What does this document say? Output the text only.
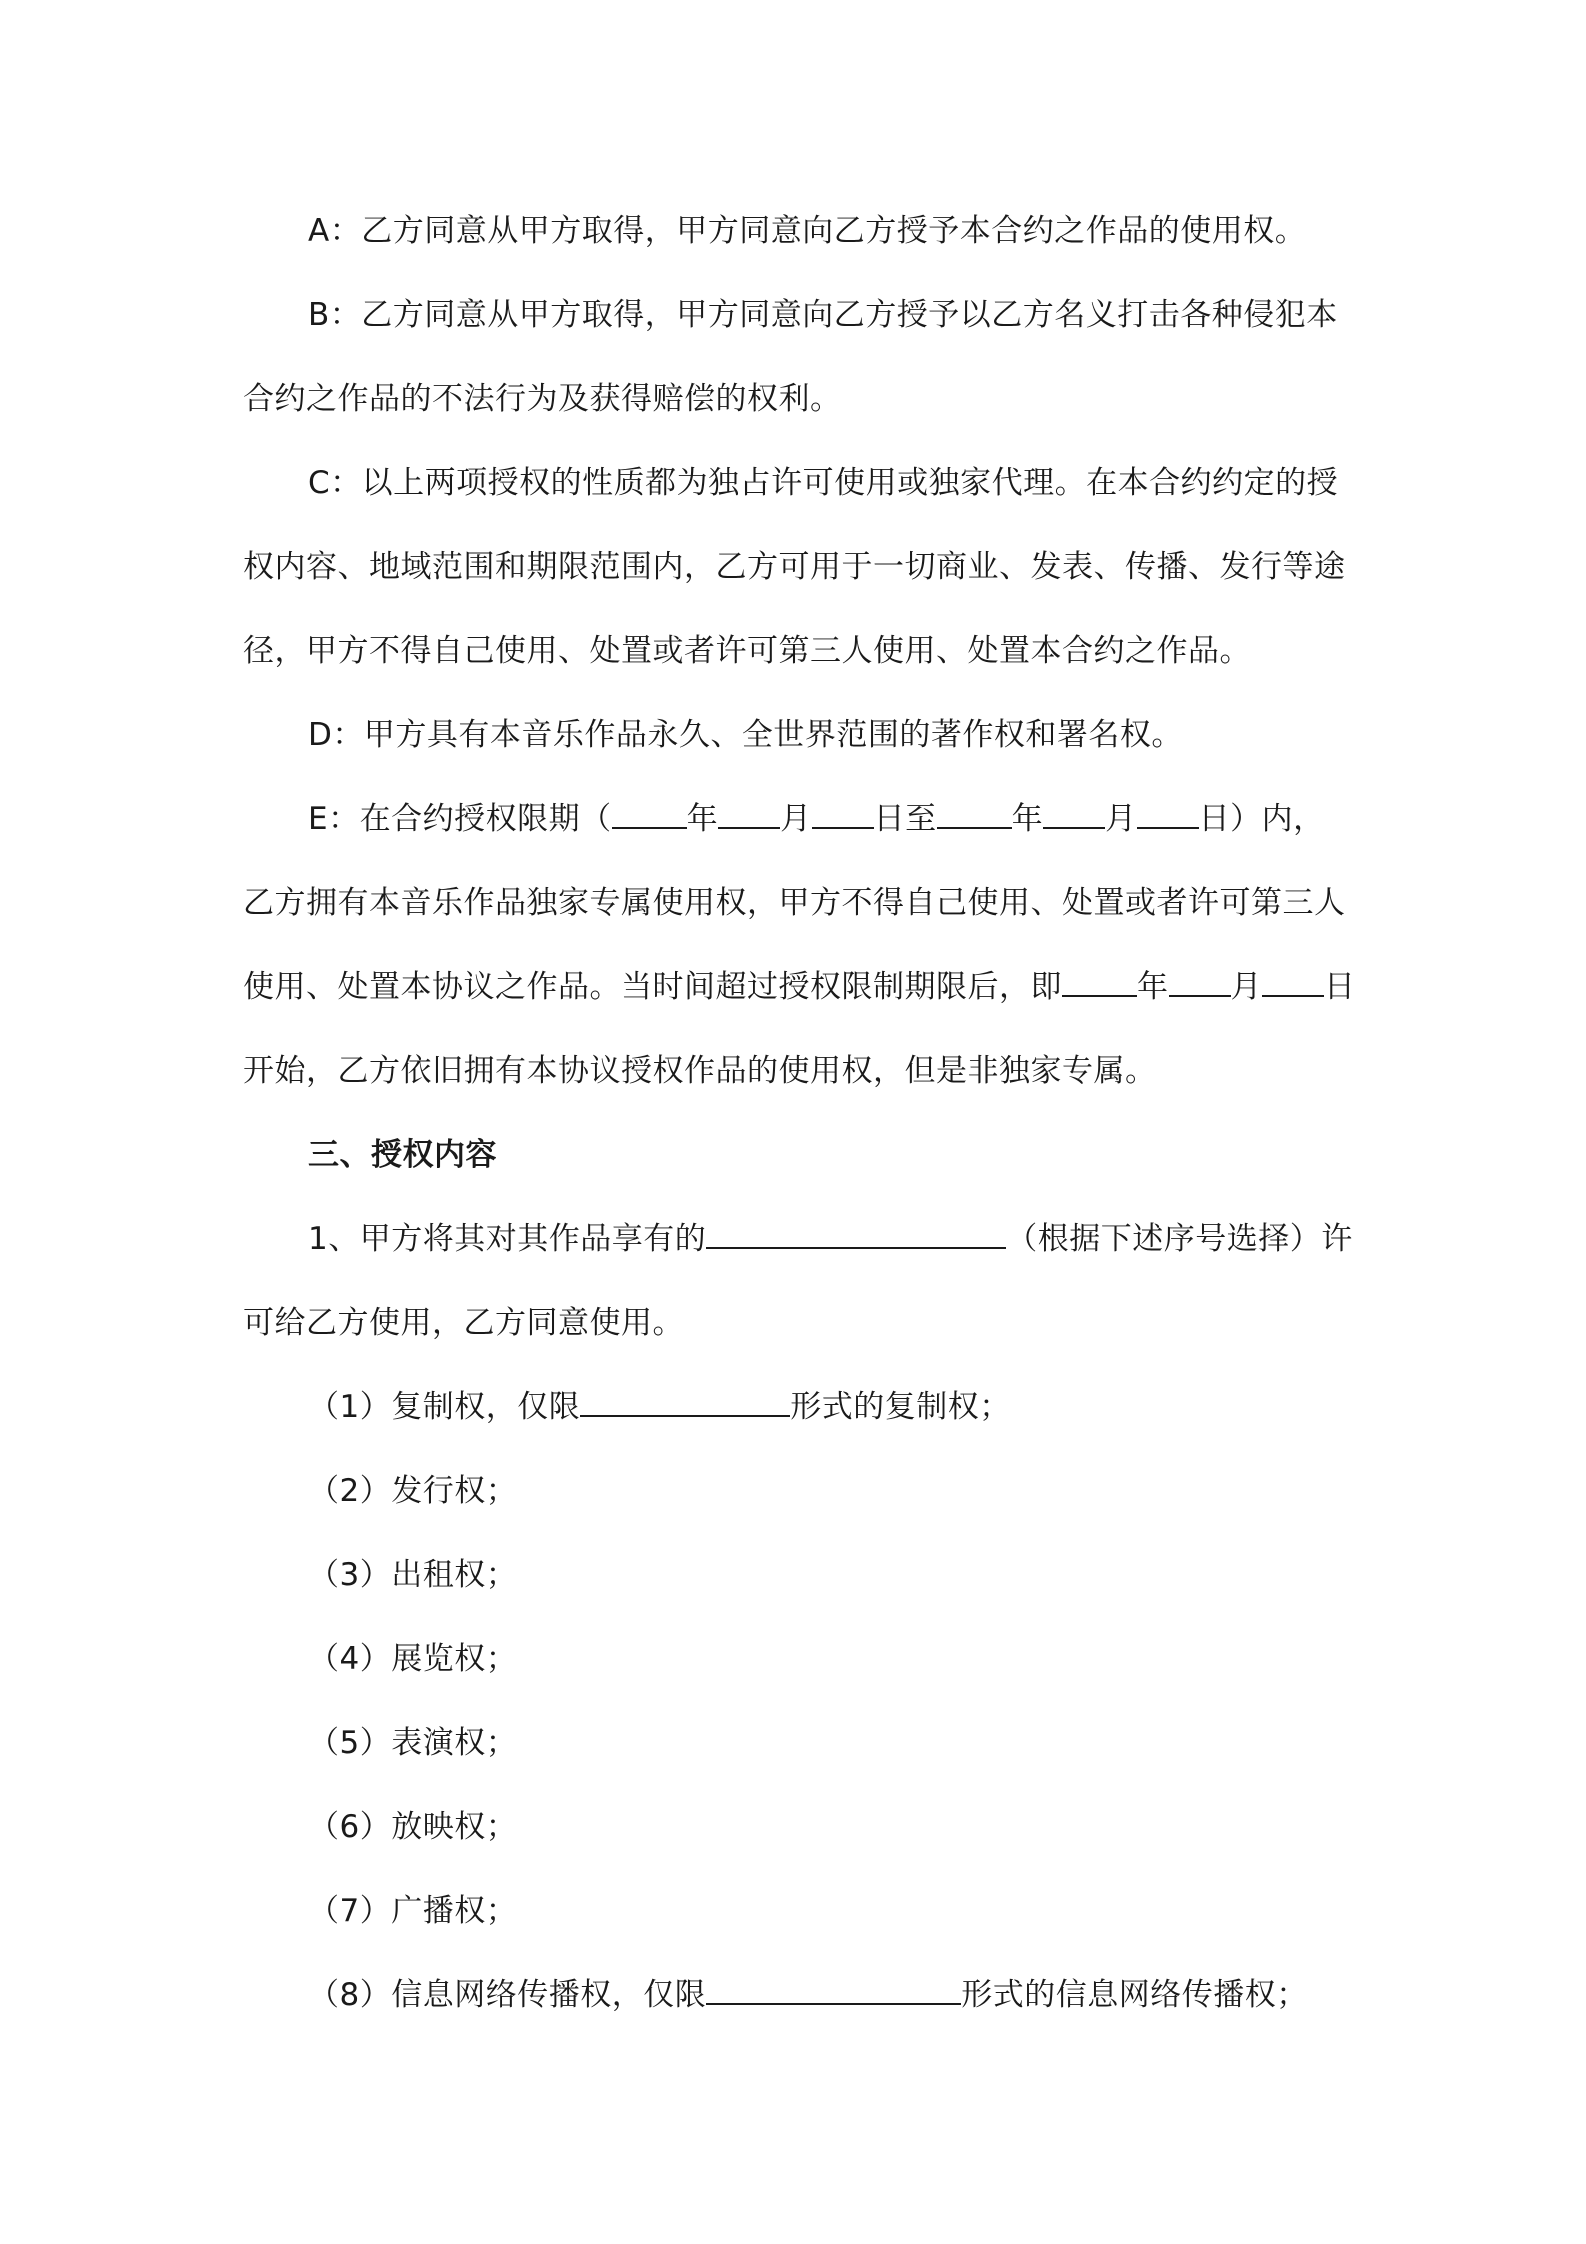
A：乙方同意从甲方取得，甲方同意向乙方授予本合约之作品的使用权。
B：乙方同意从甲方取得，甲方同意向乙方授予以乙方名义打击各种侵犯本
合约之作品的不法行为及获得赔偿的权利。
C：以上两项授权的性质都为独占许可使用或独家代理。在本合约约定的授
权内容、地域范围和期限范围内，乙方可用于一切商业、发表、传播、发行等途
径，甲方不得自己使用、处置或者许可第三人使用、处置本合约之作品。
D：甲方具有本音乐作品永久、全世界范围的著作权和署名权。
E：在合约授权限期（ 年 月 日至 年 月 日）内，
乙方拥有本音乐作品独家专属使用权，甲方不得自己使用、处置或者许可第三人
使用、处置本协议之作品。当时间超过授权限制期限后，即 年 月 日
开始，乙方依旧拥有本协议授权作品的使用权，但是非独家专属。
三、授权内容
1、甲方将其对其作品享有的	（根据下述序号选择）许
可给乙方使用，乙方同意使用。
（1）复制权，仅限	形式的复制权；
（2）发行权；
（3）出租权；
（4）展览权；
（5）表演权；
（6）放映权；
（7）广播权；
（8）信息网络传播权，仅限	形式的信息网络传播权；
